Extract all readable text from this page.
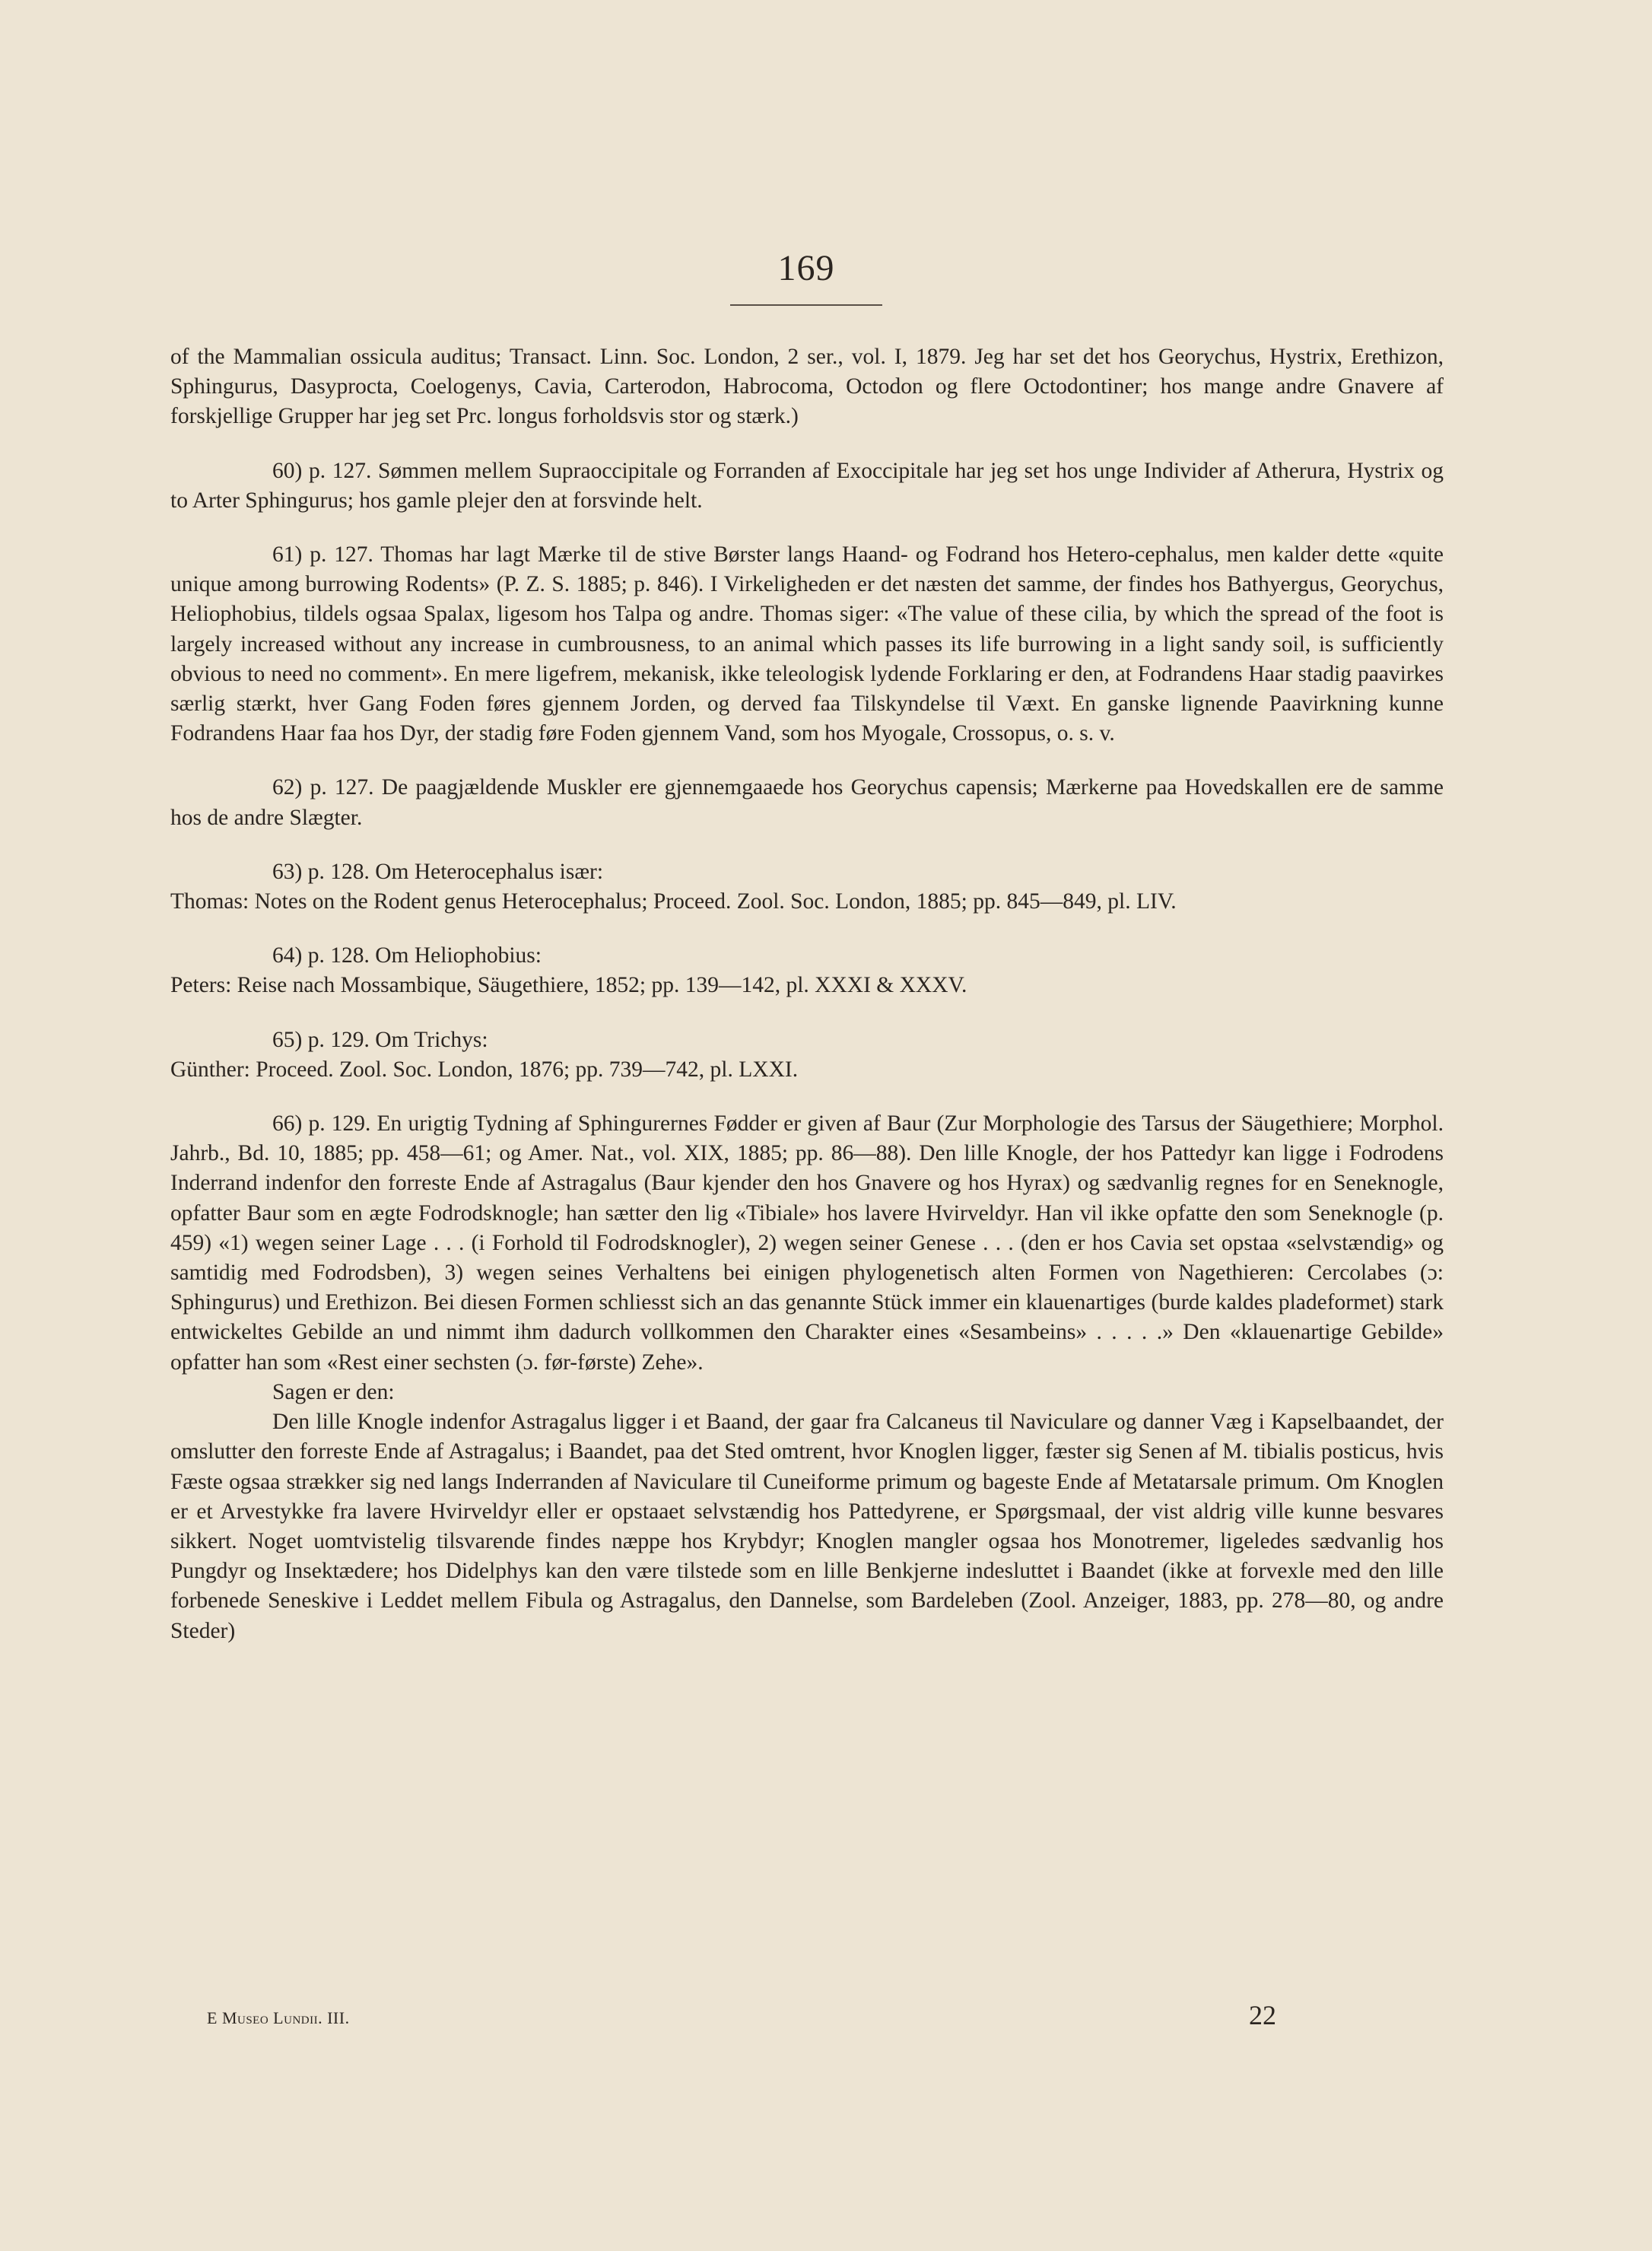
169

of the Mammalian ossicula auditus; Transact. Linn. Soc. London, 2 ser., vol. I, 1879. Jeg har set det hos Georychus, Hystrix, Erethizon, Sphingurus, Dasyprocta, Coelogenys, Cavia, Carterodon, Habrocoma, Octodon og flere Octodontiner; hos mange andre Gnavere af forskjellige Grupper har jeg set Prc. longus forholdsvis stor og stærk.)

60) p. 127. Sømmen mellem Supraoccipitale og Forranden af Exoccipitale har jeg set hos unge Individer af Atherura, Hystrix og to Arter Sphingurus; hos gamle plejer den at forsvinde helt.

61) p. 127. Thomas har lagt Mærke til de stive Børster langs Haand- og Fodrand hos Hetero-cephalus, men kalder dette «quite unique among burrowing Rodents» (P. Z. S. 1885; p. 846). I Virkeligheden er det næsten det samme, der findes hos Bathyergus, Georychus, Heliophobius, tildels ogsaa Spalax, ligesom hos Talpa og andre. Thomas siger: «The value of these cilia, by which the spread of the foot is largely increased without any increase in cumbrousness, to an animal which passes its life burrowing in a light sandy soil, is sufficiently obvious to need no comment». En mere ligefrem, mekanisk, ikke teleologisk lydende Forklaring er den, at Fodrandens Haar stadig paavirkes særlig stærkt, hver Gang Foden føres gjennem Jorden, og derved faa Tilskyndelse til Væxt. En ganske lignende Paavirkning kunne Fodrandens Haar faa hos Dyr, der stadig føre Foden gjennem Vand, som hos Myogale, Crossopus, o. s. v.

62) p. 127. De paagjældende Muskler ere gjennemgaaede hos Georychus capensis; Mærkerne paa Hovedskallen ere de samme hos de andre Slægter.

63) p. 128. Om Heterocephalus især:

Thomas: Notes on the Rodent genus Heterocephalus; Proceed. Zool. Soc. London, 1885; pp. 845—849, pl. LIV.

64) p. 128. Om Heliophobius:

Peters: Reise nach Mossambique, Säugethiere, 1852; pp. 139—142, pl. XXXI & XXXV.

65) p. 129. Om Trichys:

Günther: Proceed. Zool. Soc. London, 1876; pp. 739—742, pl. LXXI.

66) p. 129. En urigtig Tydning af Sphingurernes Fødder er given af Baur (Zur Morphologie des Tarsus der Säugethiere; Morphol. Jahrb., Bd. 10, 1885; pp. 458—61; og Amer. Nat., vol. XIX, 1885; pp. 86—88). Den lille Knogle, der hos Pattedyr kan ligge i Fodrodens Inderrand indenfor den forreste Ende af Astragalus (Baur kjender den hos Gnavere og hos Hyrax) og sædvanlig regnes for en Seneknogle, opfatter Baur som en ægte Fodrodsknogle; han sætter den lig «Tibiale» hos lavere Hvirveldyr. Han vil ikke opfatte den som Seneknogle (p. 459) «1) wegen seiner Lage . . . (i Forhold til Fodrodsknogler), 2) wegen seiner Genese . . . (den er hos Cavia set opstaa «selvstændig» og samtidig med Fodrodsben), 3) wegen seines Verhaltens bei einigen phylogenetisch alten Formen von Nagethieren: Cercolabes (ɔ: Sphingurus) und Erethizon. Bei diesen Formen schliesst sich an das genannte Stück immer ein klauenartiges (burde kaldes pladeformet) stark entwickeltes Gebilde an und nimmt ihm dadurch vollkommen den Charakter eines «Sesambeins» . . . . .» Den «klauenartige Gebilde» opfatter han som «Rest einer sechsten (ɔ. før-første) Zehe».

Sagen er den:

Den lille Knogle indenfor Astragalus ligger i et Baand, der gaar fra Calcaneus til Naviculare og danner Væg i Kapselbaandet, der omslutter den forreste Ende af Astragalus; i Baandet, paa det Sted omtrent, hvor Knoglen ligger, fæster sig Senen af M. tibialis posticus, hvis Fæste ogsaa strækker sig ned langs Inderranden af Naviculare til Cuneiforme primum og bageste Ende af Metatarsale primum. Om Knoglen er et Arvestykke fra lavere Hvirveldyr eller er opstaaet selvstændig hos Pattedyrene, er Spørgsmaal, der vist aldrig ville kunne besvares sikkert. Noget uomtvistelig tilsvarende findes næppe hos Krybdyr; Knoglen mangler ogsaa hos Monotremer, ligeledes sædvanlig hos Pungdyr og Insektædere; hos Didelphys kan den være tilstede som en lille Benkjerne indesluttet i Baandet (ikke at forvexle med den lille forbenede Seneskive i Leddet mellem Fibula og Astragalus, den Dannelse, som Bardeleben (Zool. Anzeiger, 1883, pp. 278—80, og andre Steder)

E Museo Lundii. III.	22
